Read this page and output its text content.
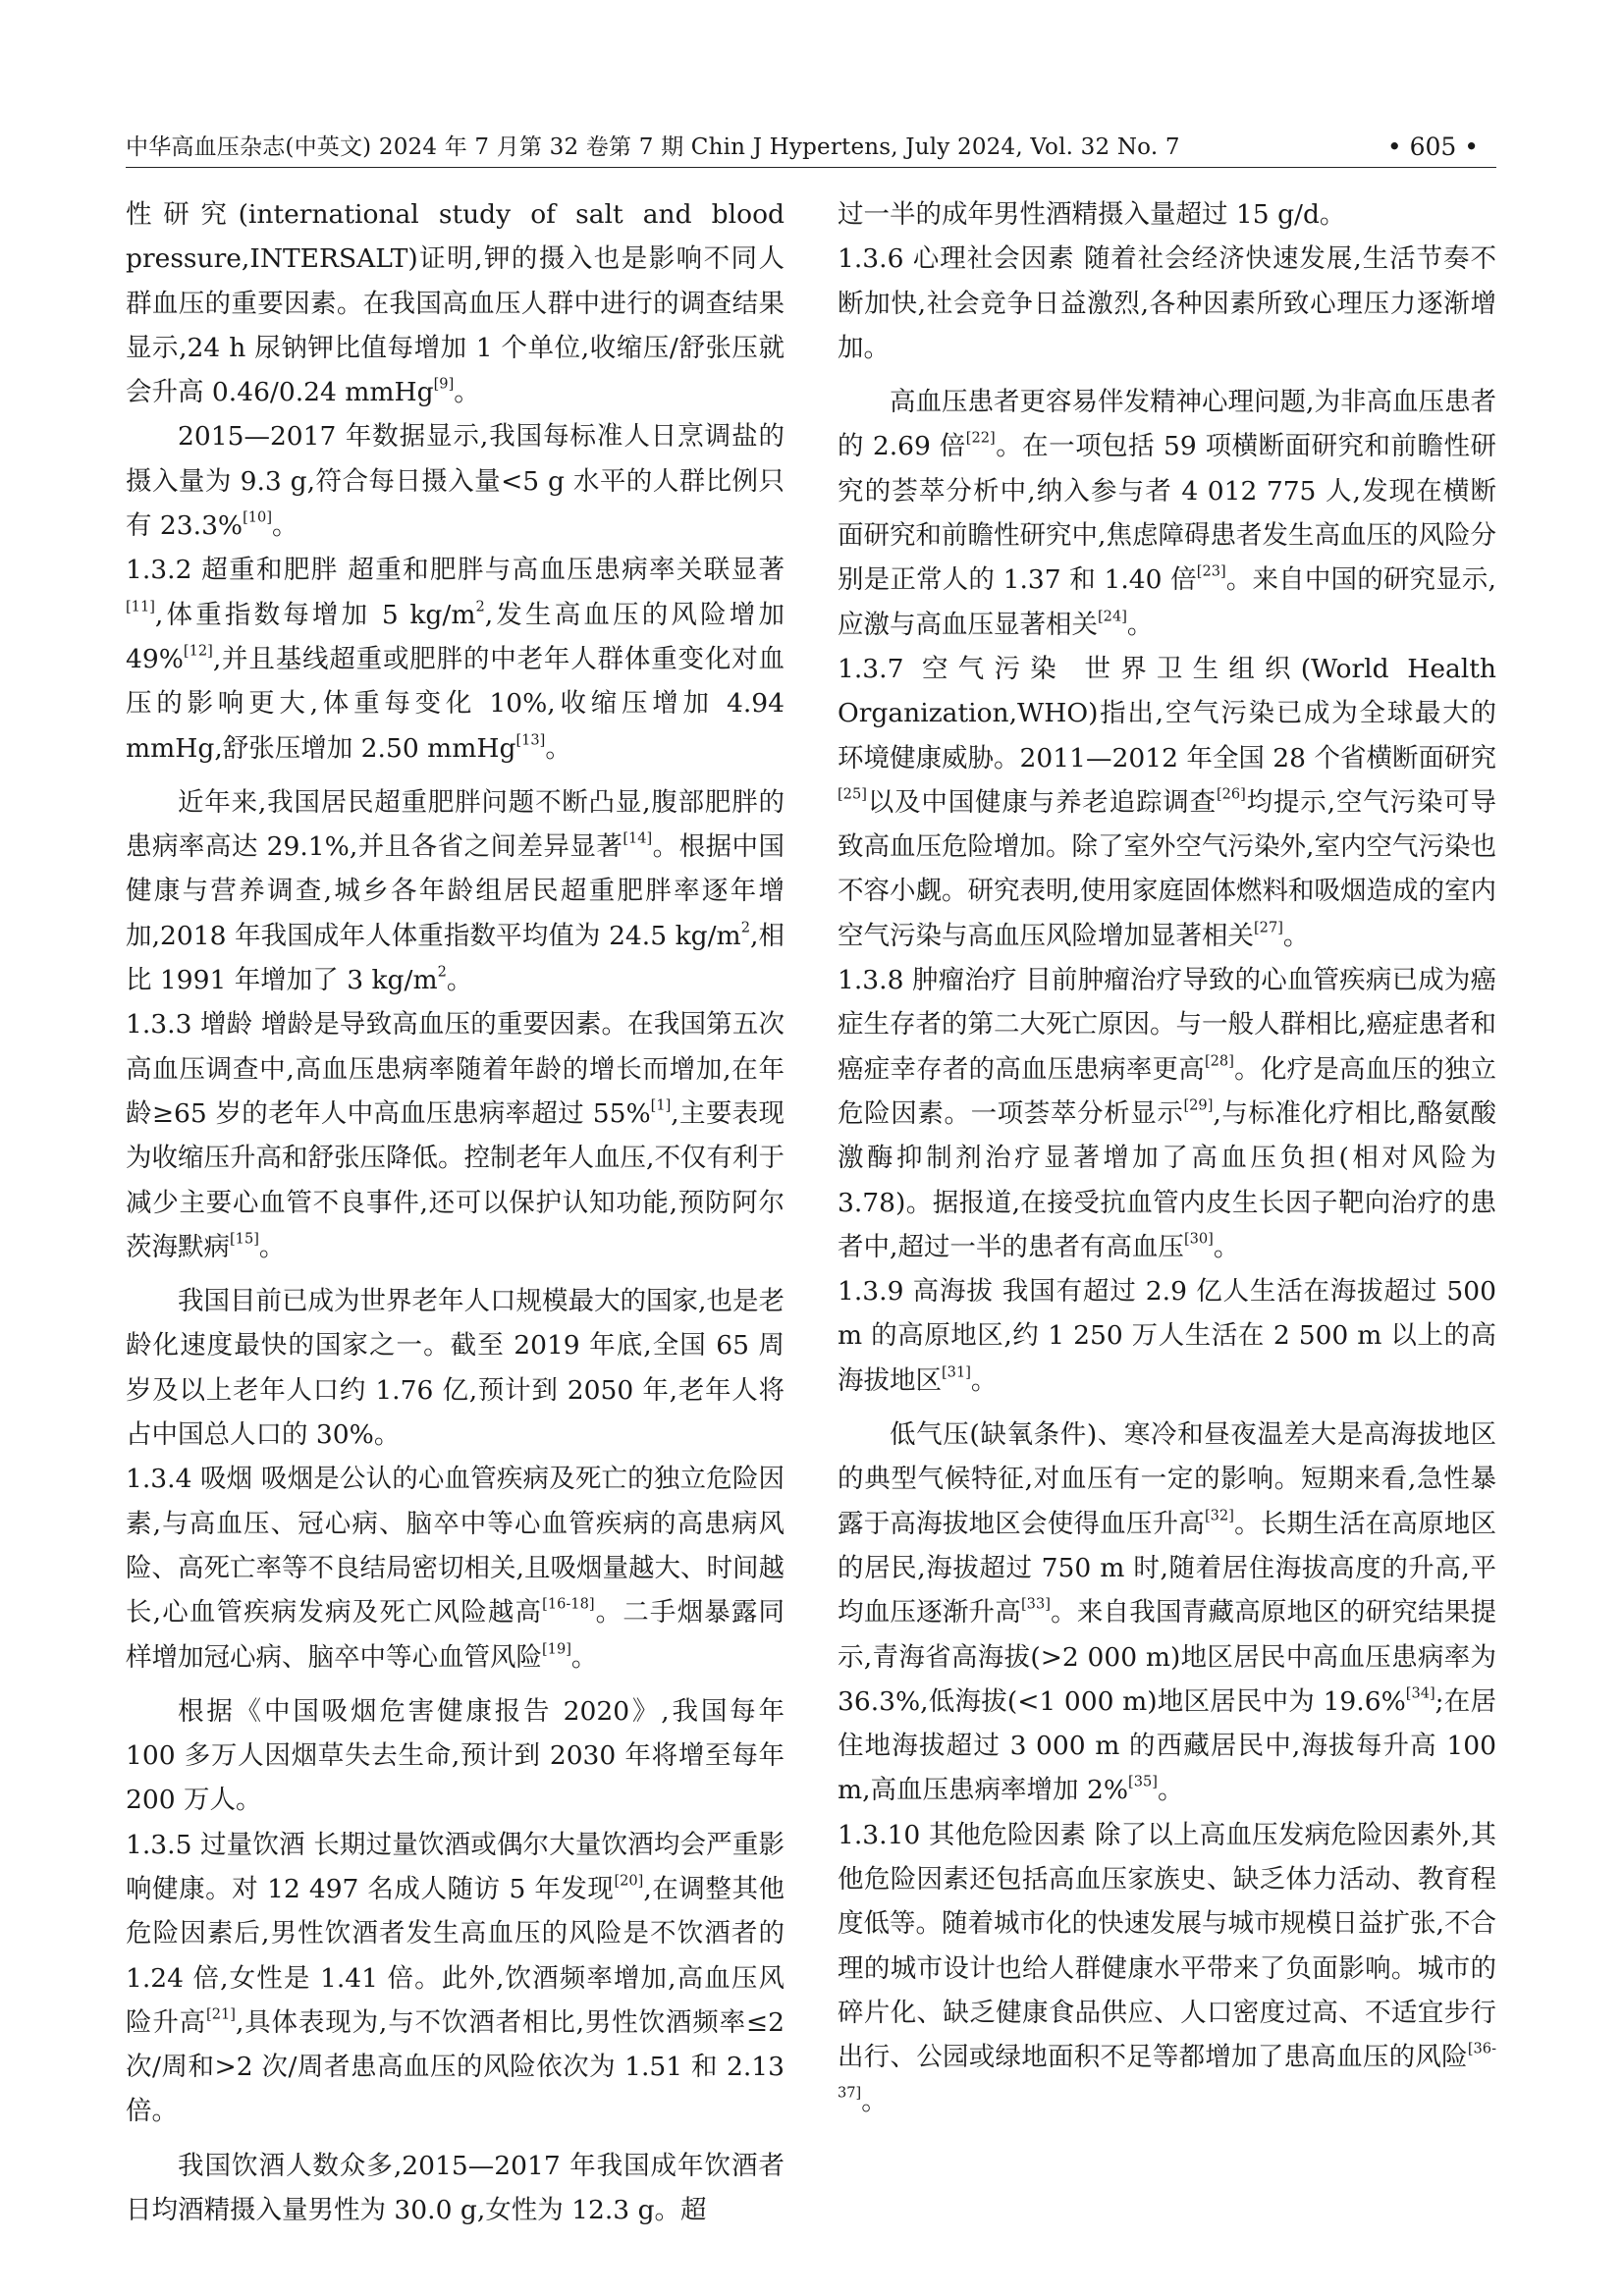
中华高血压杂志(中英文) 2024 年 7 月第 32 卷第 7 期 Chin J Hypertens, July 2024, Vol. 32 No. 7	• 605 •

性研究(international study of salt and blood pressure,INTERSALT)证明,钾的摄入也是影响不同人群血压的重要因素。在我国高血压人群中进行的调查结果显示,24 h 尿钠钾比值每增加 1 个单位,收缩压/舒张压就会升高 0.46/0.24 mmHg[9]。

2015—2017 年数据显示,我国每标准人日烹调盐的摄入量为 9.3 g,符合每日摄入量<5 g 水平的人群比例只有 23.3%[10]。

1.3.2 超重和肥胖 超重和肥胖与高血压患病率关联显著[11],体重指数每增加 5 $kg/m^2$,发生高血压的风险增加 49%[12],并且基线超重或肥胖的中老年人群体重变化对血压的影响更大,体重每变化 10%,收缩压增加 4.94 mmHg,舒张压增加 2.50 mmHg[13]。

近年来,我国居民超重肥胖问题不断凸显,腹部肥胖的患病率高达 29.1%,并且各省之间差异显著[14]。根据中国健康与营养调查,城乡各年龄组居民超重肥胖率逐年增加,2018 年我国成年人体重指数平均值为 24.5 $kg/m^2$,相比 1991 年增加了 3 $kg/m^2$。

1.3.3 增龄 增龄是导致高血压的重要因素。在我国第五次高血压调查中,高血压患病率随着年龄的增长而增加,在年龄≥65 岁的老年人中高血压患病率超过 55%[1],主要表现为收缩压升高和舒张压降低。控制老年人血压,不仅有利于减少主要心血管不良事件,还可以保护认知功能,预防阿尔茨海默病[15]。

我国目前已成为世界老年人口规模最大的国家,也是老龄化速度最快的国家之一。截至 2019 年底,全国 65 周岁及以上老年人口约 1.76 亿,预计到 2050 年,老年人将占中国总人口的 30%。

1.3.4 吸烟 吸烟是公认的心血管疾病及死亡的独立危险因素,与高血压、冠心病、脑卒中等心血管疾病的高患病风险、高死亡率等不良结局密切相关,且吸烟量越大、时间越长,心血管疾病发病及死亡风险越高[16-18]。二手烟暴露同样增加冠心病、脑卒中等心血管风险[19]。

根据《中国吸烟危害健康报告 2020》,我国每年 100 多万人因烟草失去生命,预计到 2030 年将增至每年 200 万人。

1.3.5 过量饮酒 长期过量饮酒或偶尔大量饮酒均会严重影响健康。对 12 497 名成人随访 5 年发现[20],在调整其他危险因素后,男性饮酒者发生高血压的风险是不饮酒者的 1.24 倍,女性是 1.41 倍。此外,饮酒频率增加,高血压风险升高[21],具体表现为,与不饮酒者相比,男性饮酒频率≤2 次/周和>2 次/周者患高血压的风险依次为 1.51 和 2.13 倍。

我国饮酒人数众多,2015—2017 年我国成年饮酒者日均酒精摄入量男性为 30.0 g,女性为 12.3 g。超

过一半的成年男性酒精摄入量超过 15 g/d。

1.3.6 心理社会因素 随着社会经济快速发展,生活节奏不断加快,社会竞争日益激烈,各种因素所致心理压力逐渐增加。

高血压患者更容易伴发精神心理问题,为非高血压患者的 2.69 倍[22]。在一项包括 59 项横断面研究和前瞻性研究的荟萃分析中,纳入参与者 4 012 775 人,发现在横断面研究和前瞻性研究中,焦虑障碍患者发生高血压的风险分别是正常人的 1.37 和 1.40 倍[23]。来自中国的研究显示,应激与高血压显著相关[24]。

1.3.7 空气污染 世界卫生组织(World Health Organization,WHO)指出,空气污染已成为全球最大的环境健康威胁。2011—2012 年全国 28 个省横断面研究[25]以及中国健康与养老追踪调查[26]均提示,空气污染可导致高血压危险增加。除了室外空气污染外,室内空气污染也不容小觑。研究表明,使用家庭固体燃料和吸烟造成的室内空气污染与高血压风险增加显著相关[27]。

1.3.8 肿瘤治疗 目前肿瘤治疗导致的心血管疾病已成为癌症生存者的第二大死亡原因。与一般人群相比,癌症患者和癌症幸存者的高血压患病率更高[28]。化疗是高血压的独立危险因素。一项荟萃分析显示[29],与标准化疗相比,酪氨酸激酶抑制剂治疗显著增加了高血压负担(相对风险为 3.78)。据报道,在接受抗血管内皮生长因子靶向治疗的患者中,超过一半的患者有高血压[30]。

1.3.9 高海拔 我国有超过 2.9 亿人生活在海拔超过 500 m 的高原地区,约 1 250 万人生活在 2 500 m 以上的高海拔地区[31]。

低气压(缺氧条件)、寒冷和昼夜温差大是高海拔地区的典型气候特征,对血压有一定的影响。短期来看,急性暴露于高海拔地区会使得血压升高[32]。长期生活在高原地区的居民,海拔超过 750 m 时,随着居住海拔高度的升高,平均血压逐渐升高[33]。来自我国青藏高原地区的研究结果提示,青海省高海拔(>2 000 m)地区居民中高血压患病率为 36.3%,低海拔(<1 000 m)地区居民中为 19.6%[34];在居住地海拔超过 3 000 m 的西藏居民中,海拔每升高 100 m,高血压患病率增加 2%[35]。

1.3.10 其他危险因素 除了以上高血压发病危险因素外,其他危险因素还包括高血压家族史、缺乏体力活动、教育程度低等。随着城市化的快速发展与城市规模日益扩张,不合理的城市设计也给人群健康水平带来了负面影响。城市的碎片化、缺乏健康食品供应、人口密度过高、不适宜步行出行、公园或绿地面积不足等都增加了患高血压的风险[36-37]。
